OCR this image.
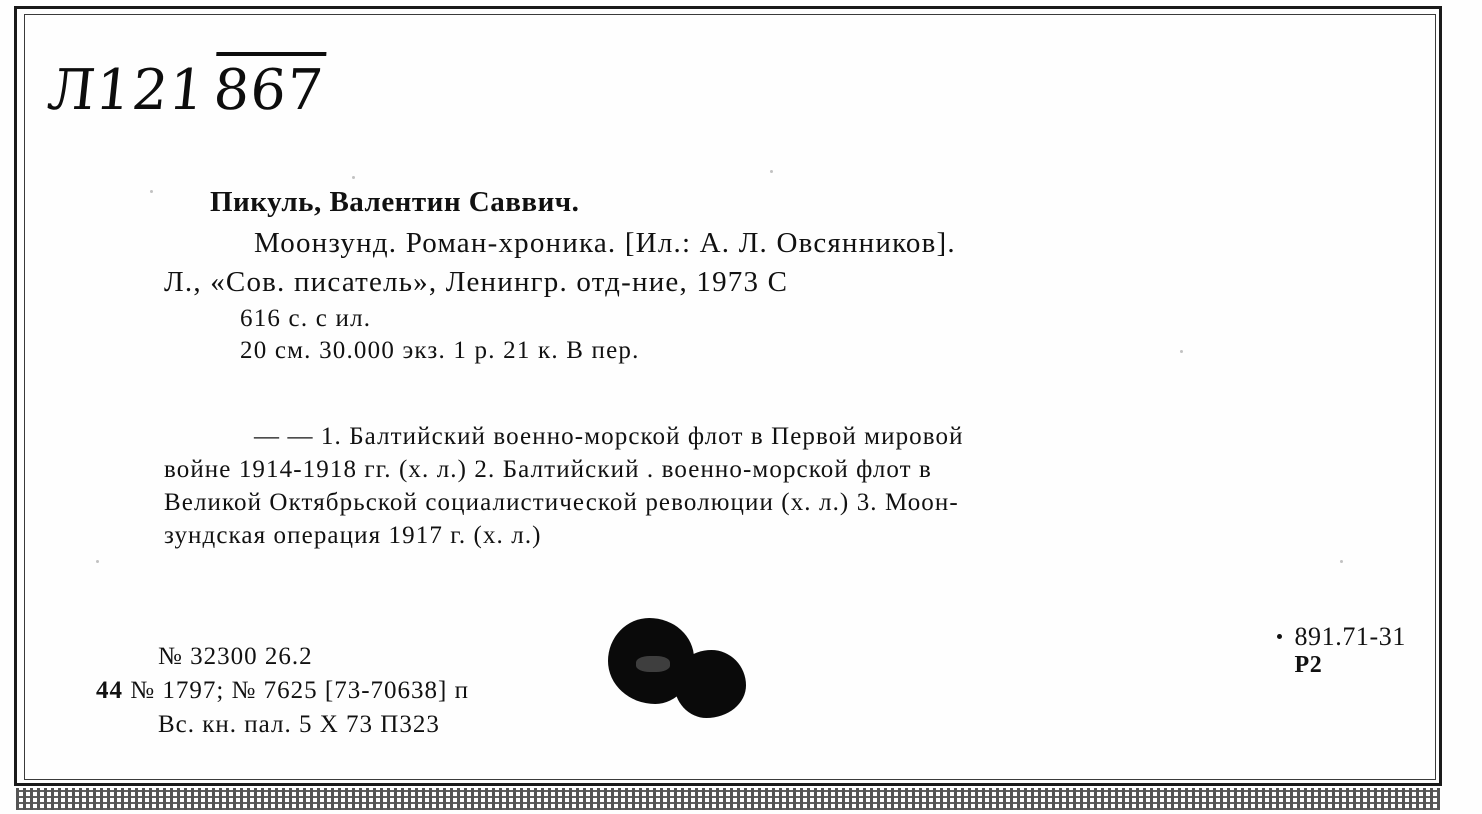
Л121867

Пикуль, Валентин Саввич.

Моонзунд. Роман-хроника. [Ил.: А. Л. Овсянников].

Л., «Сов. писатель», Ленингр. отд-ние, 1973 С

616 с. с ил.

20 см. 30.000 экз. 1 р. 21 к. В пер.

— — 1. Балтийский военно-морской флот в Первой мировой
войне 1914-1918 гг. (х. л.) 2. Балтийский . военно-морской флот в
Великой Октябрьской социалистической революции (х. л.) 3. Моон-
зундская операция 1917 г. (х. л.)
№ 32300 26.2
44 № 1797; № 7625 [73-70638] п
Вс. кн. пал. 5 X 73 П323
891.71-31
Р2
